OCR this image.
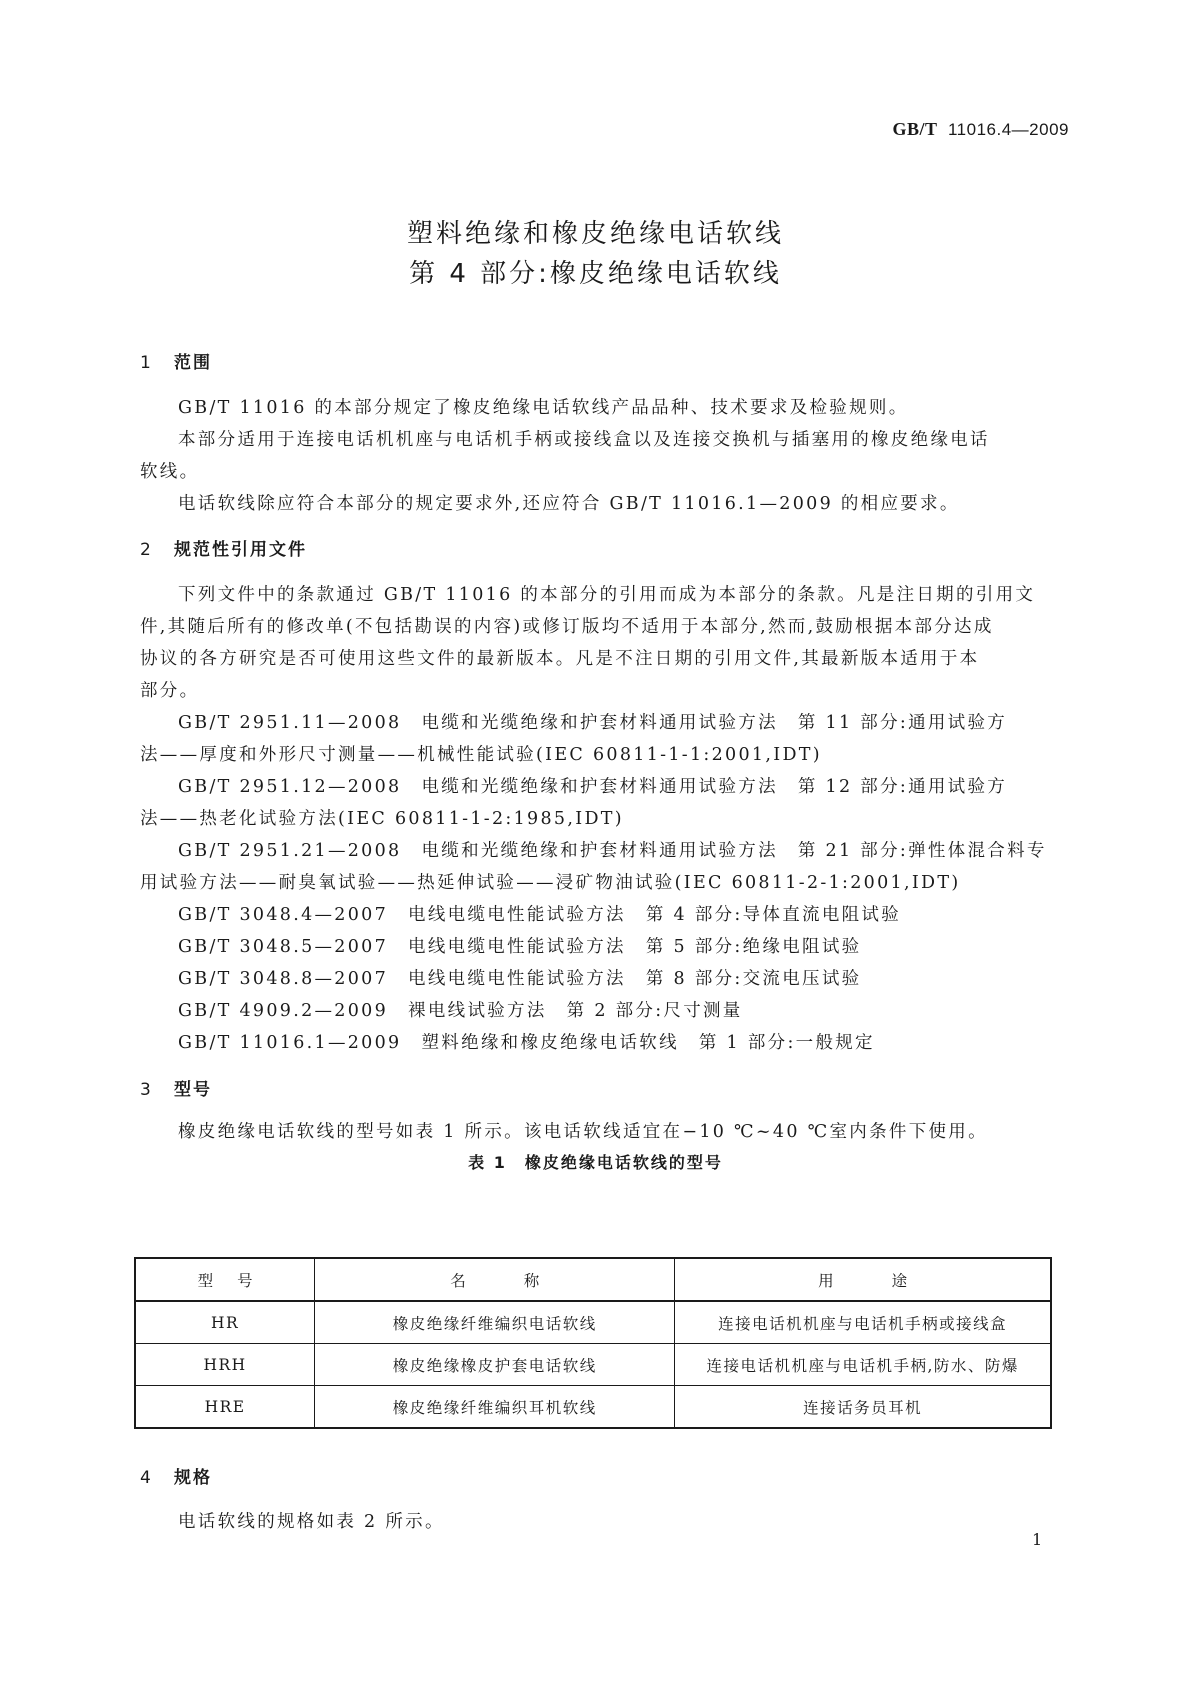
GB/T 11016.4—2009
塑料绝缘和橡皮绝缘电话软线
第 4 部分:橡皮绝缘电话软线
1 范围
GB/T 11016 的本部分规定了橡皮绝缘电话软线产品品种、技术要求及检验规则。
本部分适用于连接电话机机座与电话机手柄或接线盒以及连接交换机与插塞用的橡皮绝缘电话
软线。
电话软线除应符合本部分的规定要求外,还应符合 GB/T 11016.1—2009 的相应要求。
2 规范性引用文件
下列文件中的条款通过 GB/T 11016 的本部分的引用而成为本部分的条款。凡是注日期的引用文
件,其随后所有的修改单(不包括勘误的内容)或修订版均不适用于本部分,然而,鼓励根据本部分达成
协议的各方研究是否可使用这些文件的最新版本。凡是不注日期的引用文件,其最新版本适用于本
部分。
GB/T 2951.11—2008 电缆和光缆绝缘和护套材料通用试验方法 第 11 部分:通用试验方
法——厚度和外形尺寸测量——机械性能试验(IEC 60811-1-1:2001,IDT)
GB/T 2951.12—2008 电缆和光缆绝缘和护套材料通用试验方法 第 12 部分:通用试验方
法——热老化试验方法(IEC 60811-1-2:1985,IDT)
GB/T 2951.21—2008 电缆和光缆绝缘和护套材料通用试验方法 第 21 部分:弹性体混合料专
用试验方法——耐臭氧试验——热延伸试验——浸矿物油试验(IEC 60811-2-1:2001,IDT)
GB/T 3048.4—2007 电线电缆电性能试验方法 第 4 部分:导体直流电阻试验
GB/T 3048.5—2007 电线电缆电性能试验方法 第 5 部分:绝缘电阻试验
GB/T 3048.8—2007 电线电缆电性能试验方法 第 8 部分:交流电压试验
GB/T 4909.2—2009 裸电线试验方法 第 2 部分:尺寸测量
GB/T 11016.1—2009 塑料绝缘和橡皮绝缘电话软线 第 1 部分:一般规定
3 型号
橡皮绝缘电话软线的型号如表 1 所示。该电话软线适宜在−10 ℃~40 ℃室内条件下使用。
表 1　橡皮绝缘电话软线的型号
型号	名称	用途
HR	橡皮绝缘纤维编织电话软线	连接电话机机座与电话机手柄或接线盒
HRH	橡皮绝缘橡皮护套电话软线	连接电话机机座与电话机手柄,防水、防爆
HRE	橡皮绝缘纤维编织耳机软线	连接话务员耳机
4 规格
电话软线的规格如表 2 所示。
1
